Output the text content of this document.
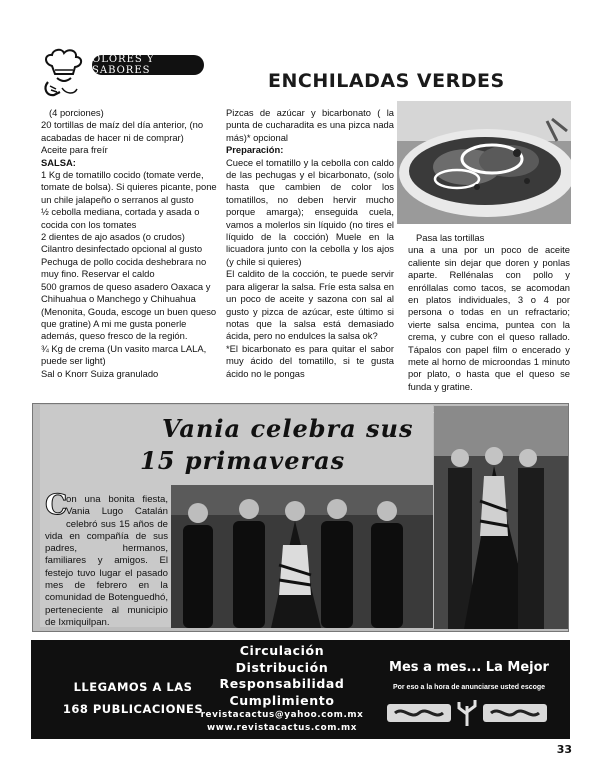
OLORES Y SABORES	ENCHILADAS VERDES

(4 porciones)

20 tortillas de maíz del día anterior, (no acabadas de hacer ni de comprar)

Aceite para freír

SALSA:

1 Kg de tomatillo cocido (tomate verde, tomate de bolsa). Si quieres picante, pone un chile jalapeño o serranos al gusto

½ cebolla mediana, cortada y asada o cocida con los tomates

2 dientes de ajo asados (o crudos)

Cilantro desinfectado opcional al gusto

Pechuga de pollo cocida deshebrara no muy fino. Reservar el caldo

500 gramos de queso asadero Oaxaca y Chihuahua o Manchego y Chihuahua (Menonita, Gouda, escoge un buen queso que gratine) A mi me gusta ponerle además, queso fresco de la región.

¾ Kg de crema (Un vasito marca LALA, puede ser light)

Sal o Knorr Suiza granulado

Pizcas de azúcar y bicarbonato ( la punta de cucharadita es una pizca nada más)* opcional

Preparación:

Cuece el tomatillo y la cebolla con caldo de las pechugas y el bicarbonato, (solo hasta que cambien de color los tomatillos, no deben hervir mucho porque amarga); enseguida cuela, vamos a molerlos sin líquido (no tires el líquido de la cocción) Muele en la licuadora junto con la cebolla y los ajos (y chile si quieres)

El caldito de la cocción, te puede servir para aligerar la salsa. Fríe esta salsa en un poco de aceite y sazona con sal al gusto y pizca de azúcar, este último si notas que la salsa está demasiado ácida, pero no endulces la salsa ok?

*El bicarbonato es para quitar el sabor muy ácido del tomatillo, si te gusta ácido no le pongas

Pasa las tortillas

una a una por un poco de aceite caliente sin dejar que doren y ponlas aparte. Rellénalas con pollo y enróllalas como tacos, se acomodan en platos individuales, 3 o 4 por persona o todas en un refractario; vierte salsa encima, puntea con la crema, y cubre con el queso rallado. Tápalos con papel film o encerado y mete al horno de microondas 1 minuto por plato, o hasta que el queso se funda y gratine.

Vania celebra sus
15 primaveras
C
on una bonita fiesta, Vania Lugo Catalán celebró sus 15 años de vida en compañía de sus padres, hermanos, familiares y amigos. El festejo tuvo lugar el pasado mes de febrero en la comunidad de Botenguedhó, perteneciente al municipio de Ixmiquilpan.
LLEGAMOS A LAS
168 PUBLICACIONES
Circulación
Distribución
Responsabilidad
Cumplimiento
revistacactus@yahoo.com.mx
www.revistacactus.com.mx
Mes a mes... La Mejor
Por eso a la hora de anunciarse usted escoge
33
